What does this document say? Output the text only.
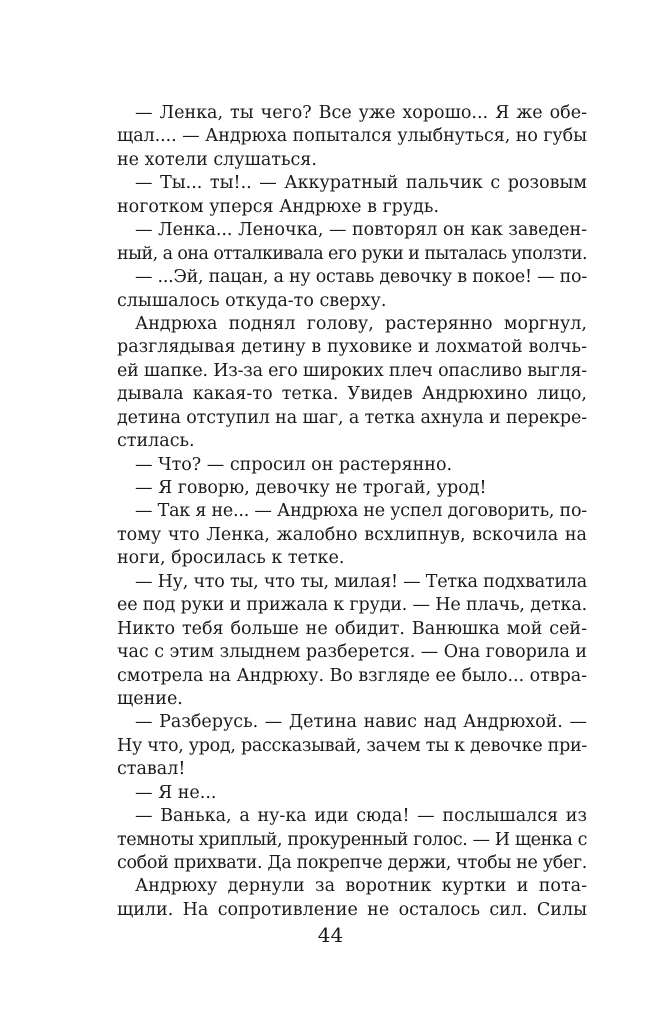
— Ленка, ты чего? Все уже хорошо... Я же обе-
щал.... — Андрюха попытался улыбнуться, но губы
не хотели слушаться.
— Ты... ты!.. — Аккуратный пальчик с розовым
ноготком уперся Андрюхе в грудь.
— Ленка... Леночка, — повторял он как заведен-
ный, а она отталкивала его руки и пыталась уползти.
— ...Эй, пацан, а ну оставь девочку в покое! — по-
слышалось откуда-то сверху.
Андрюха поднял голову, растерянно моргнул,
разглядывая детину в пуховике и лохматой волчь-
ей шапке. Из-за его широких плеч опасливо выгля-
дывала какая-то тетка. Увидев Андрюхино лицо,
детина отступил на шаг, а тетка ахнула и перекре-
стилась.
— Что? — спросил он растерянно.
— Я говорю, девочку не трогай, урод!
— Так я не... — Андрюха не успел договорить, по-
тому что Ленка, жалобно всхлипнув, вскочила на
ноги, бросилась к тетке.
— Ну, что ты, что ты, милая! — Тетка подхватила
ее под руки и прижала к груди. — Не плачь, детка.
Никто тебя больше не обидит. Ванюшка мой сей-
час с этим злыднем разберется. — Она говорила и
смотрела на Андрюху. Во взгляде ее было... отвра-
щение.
— Разберусь. — Детина навис над Андрюхой. —
Ну что, урод, рассказывай, зачем ты к девочке при-
ставал!
— Я не...
— Ванька, а ну-ка иди сюда! — послышался из
темноты хриплый, прокуренный голос. — И щенка с
собой прихвати. Да покрепче держи, чтобы не убег.
Андрюху дернули за воротник куртки и пота-
щили. На сопротивление не осталось сил. Силы
44
